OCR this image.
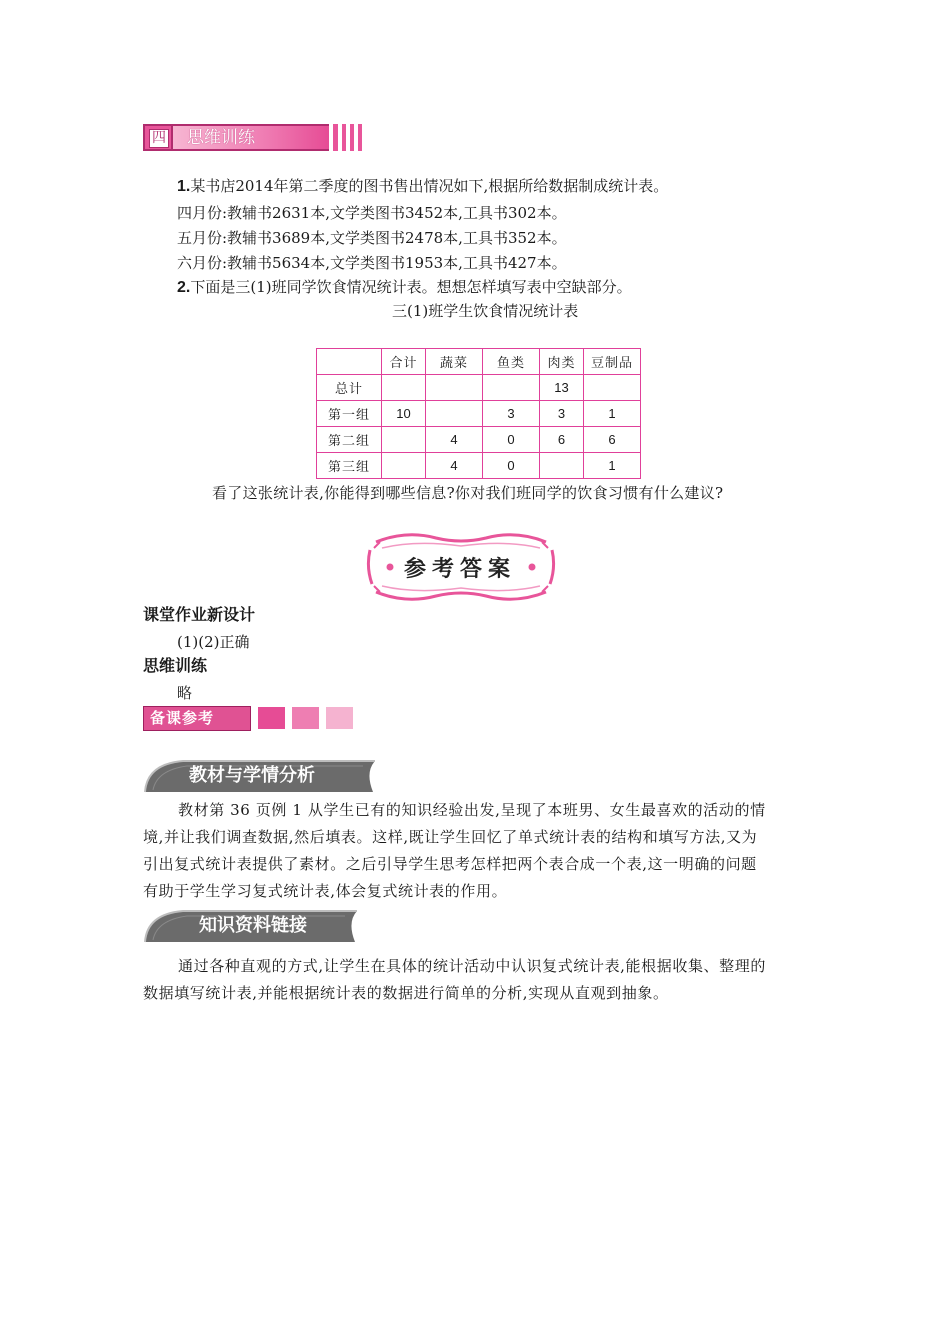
四 思维训练
1.某书店2014年第二季度的图书售出情况如下,根据所给数据制成统计表。
四月份:教辅书2631本,文学类图书3452本,工具书302本。
五月份:教辅书3689本,文学类图书2478本,工具书352本。
六月份:教辅书5634本,文学类图书1953本,工具书427本。
2.下面是三(1)班同学饮食情况统计表。想想怎样填写表中空缺部分。
三(1)班学生饮食情况统计表
	合计	蔬菜	鱼类	肉类	豆制品
总计				13	
第一组	10		3	3	1
第二组		4	0	6	6
第三组		4	0		1
看了这张统计表,你能得到哪些信息?你对我们班同学的饮食习惯有什么建议?
参考答案
课堂作业新设计
(1)(2)正确
思维训练
略
备课参考
教材与学情分析
教材第 36 页例 1 从学生已有的知识经验出发,呈现了本班男、女生最喜欢的活动的情
境,并让我们调查数据,然后填表。这样,既让学生回忆了单式统计表的结构和填写方法,又为
引出复式统计表提供了素材。之后引导学生思考怎样把两个表合成一个表,这一明确的问题
有助于学生学习复式统计表,体会复式统计表的作用。
知识资料链接
通过各种直观的方式,让学生在具体的统计活动中认识复式统计表,能根据收集、整理的
数据填写统计表,并能根据统计表的数据进行简单的分析,实现从直观到抽象。
